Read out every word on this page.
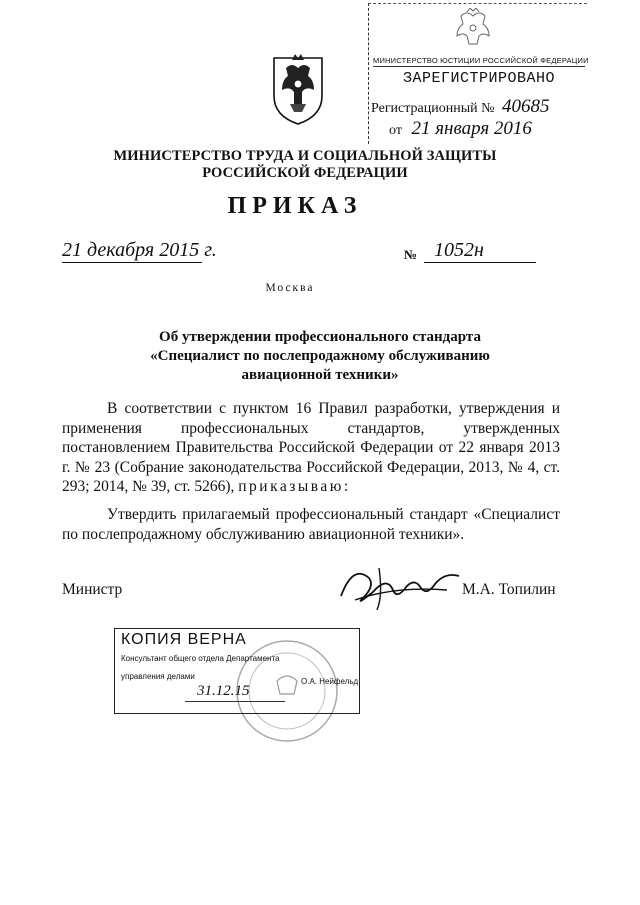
МИНИСТЕРСТВО ЮСТИЦИИ РОССИЙСКОЙ ФЕДЕРАЦИИ
ЗАРЕГИСТРИРОВАНО
Регистрационный № 40685
от 21 января 2016
МИНИСТЕРСТВО ТРУДА И СОЦИАЛЬНОЙ ЗАЩИТЫ
РОССИЙСКОЙ ФЕДЕРАЦИИ
ПРИКАЗ
21 декабря 2015 г.	№ 1052н
Москва
Об утверждении профессионального стандарта
«Специалист по послепродажному обслуживанию
авиационной техники»
В соответствии с пунктом 16 Правил разработки, утверждения и применения профессиональных стандартов, утвержденных постановлением Правительства Российской Федерации от 22 января 2013 г. № 23 (Собрание законодательства Российской Федерации, 2013, № 4, ст. 293; 2014, № 39, ст. 5266), приказываю:
Утвердить прилагаемый профессиональный стандарт «Специалист по послепродажному обслуживанию авиационной техники».
Министр	М.А. Топилин
КОПИЯ ВЕРНА
Консультант общего отдела Департамента
управления делами
31.12.15
О.А. Нейфельд
